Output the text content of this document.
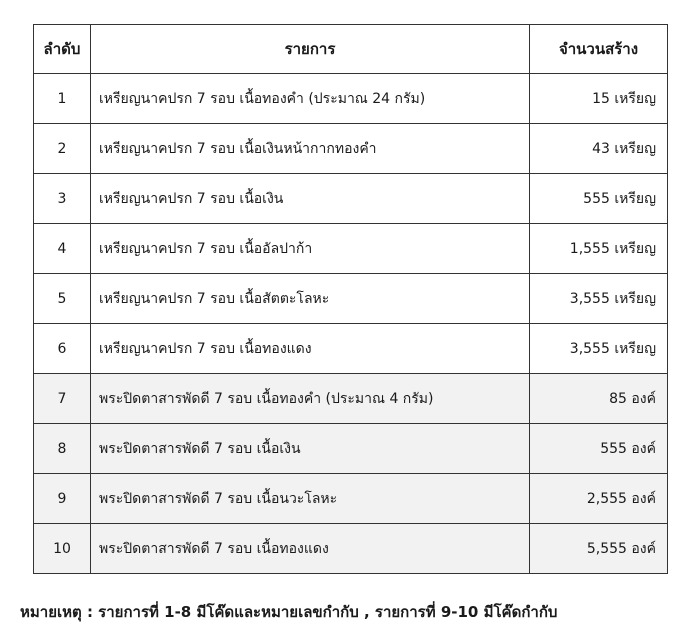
ลำดับ	รายการ	จำนวนสร้าง
1	เหรียญนาคปรก 7 รอบ เนื้อทองคำ (ประมาณ 24 กรัม)	15 เหรียญ
2	เหรียญนาคปรก 7 รอบ เนื้อเงินหน้ากากทองคำ	43 เหรียญ
3	เหรียญนาคปรก 7 รอบ เนื้อเงิน	555 เหรียญ
4	เหรียญนาคปรก 7 รอบ เนื้ออัลปาก้า	1,555 เหรียญ
5	เหรียญนาคปรก 7 รอบ เนื้อสัตตะโลหะ	3,555 เหรียญ
6	เหรียญนาคปรก 7 รอบ เนื้อทองแดง	3,555 เหรียญ
7	พระปิดตาสารพัดดี 7 รอบ เนื้อทองคำ (ประมาณ 4 กรัม)	85 องค์
8	พระปิดตาสารพัดดี 7 รอบ เนื้อเงิน	555 องค์
9	พระปิดตาสารพัดดี 7 รอบ เนื้อนวะโลหะ	2,555 องค์
10	พระปิดตาสารพัดดี 7 รอบ เนื้อทองแดง	5,555 องค์
หมายเหตุ : รายการที่ 1-8 มีโค๊ดและหมายเลขกำกับ , รายการที่ 9-10 มีโค๊ดกำกับ
